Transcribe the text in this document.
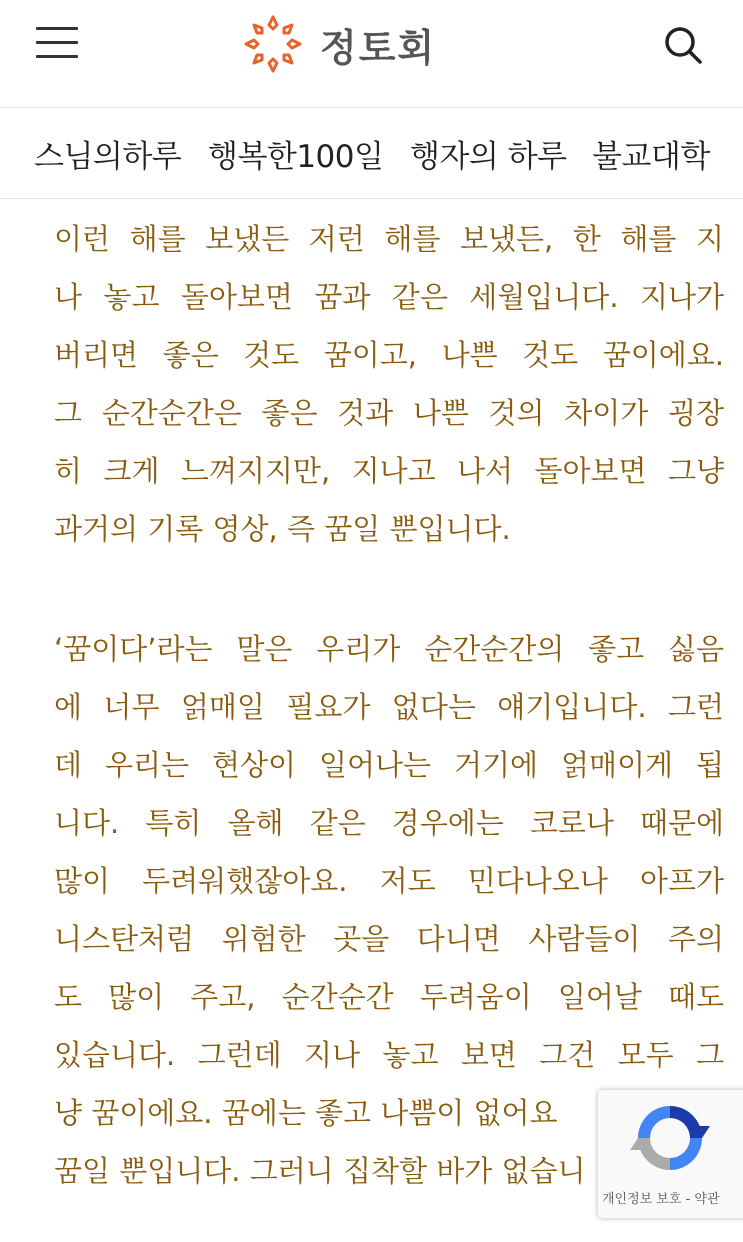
정토회
스님의하루 행복한100일 행자의 하루 불교대학
이런 해를 보냈든 저런 해를 보냈든, 한 해를 지
나 놓고 돌아보면 꿈과 같은 세월입니다. 지나가
버리면 좋은 것도 꿈이고, 나쁜 것도 꿈이에요.
그 순간순간은 좋은 것과 나쁜 것의 차이가 굉장
히 크게 느껴지지만, 지나고 나서 돌아보면 그냥
과거의 기록 영상, 즉 꿈일 뿐입니다.
‘꿈이다’라는 말은 우리가 순간순간의 좋고 싫음
에 너무 얽매일 필요가 없다는 얘기입니다. 그런
데 우리는 현상이 일어나는 거기에 얽매이게 됩
니다. 특히 올해 같은 경우에는 코로나 때문에
많이 두려워했잖아요. 저도 민다나오나 아프가
니스탄처럼 위험한 곳을 다니면 사람들이 주의
도 많이 주고, 순간순간 두려움이 일어날 때도
있습니다. 그런데 지나 놓고 보면 그건 모두 그
냥 꿈이에요. 꿈에는 좋고 나쁨이 없어요
꿈일 뿐입니다. 그러니 집착할 바가 없습니
개인정보 보호 - 약관
